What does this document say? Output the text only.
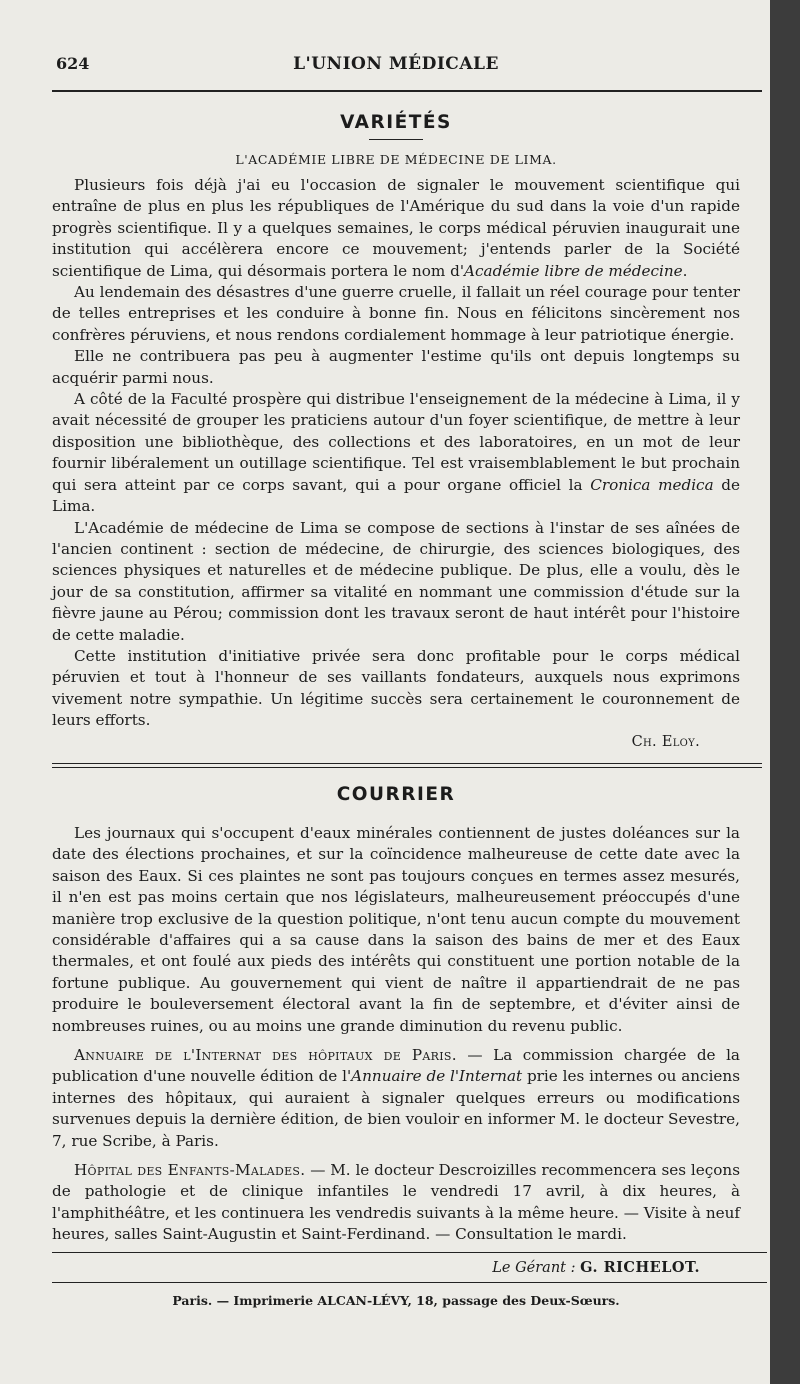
624	L'UNION MÉDICALE
VARIÉTÉS
L'ACADÉMIE LIBRE DE MÉDECINE DE LIMA.

Plusieurs fois déjà j'ai eu l'occasion de signaler le mouvement scientifique qui entraîne de plus en plus les républiques de l'Amérique du sud dans la voie d'un rapide progrès scientifique. Il y a quelques semaines, le corps médical péruvien inaugurait une institution qui accélèrera encore ce mouvement; j'entends parler de la Société scientifique de Lima, qui désormais portera le nom d'Académie libre de médecine.

Au lendemain des désastres d'une guerre cruelle, il fallait un réel courage pour tenter de telles entreprises et les conduire à bonne fin. Nous en félicitons sincèrement nos confrères péruviens, et nous rendons cordialement hommage à leur patriotique énergie.

Elle ne contribuera pas peu à augmenter l'estime qu'ils ont depuis longtemps su acquérir parmi nous.

A côté de la Faculté prospère qui distribue l'enseignement de la médecine à Lima, il y avait nécessité de grouper les praticiens autour d'un foyer scientifique, de mettre à leur disposition une bibliothèque, des collections et des laboratoires, en un mot de leur fournir libéralement un outillage scientifique. Tel est vraisemblablement le but prochain qui sera atteint par ce corps savant, qui a pour organe officiel la Cronica medica de Lima.

L'Académie de médecine de Lima se compose de sections à l'instar de ses aînées de l'ancien continent : section de médecine, de chirurgie, des sciences biologiques, des sciences physiques et naturelles et de médecine publique. De plus, elle a voulu, dès le jour de sa constitution, affirmer sa vitalité en nommant une commission d'étude sur la fièvre jaune au Pérou; commission dont les travaux seront de haut intérêt pour l'histoire de cette maladie.

Cette institution d'initiative privée sera donc profitable pour le corps médical péruvien et tout à l'honneur de ses vaillants fondateurs, auxquels nous exprimons vivement notre sympathie. Un légitime succès sera certainement le couronnement de leurs efforts.

Ch. Eloy.

COURRIER

Les journaux qui s'occupent d'eaux minérales contiennent de justes doléances sur la date des élections prochaines, et sur la coïncidence malheureuse de cette date avec la saison des Eaux. Si ces plaintes ne sont pas toujours conçues en termes assez mesurés, il n'en est pas moins certain que nos législateurs, malheureusement préoccupés d'une manière trop exclusive de la question politique, n'ont tenu aucun compte du mouvement considérable d'affaires qui a sa cause dans la saison des bains de mer et des Eaux thermales, et ont foulé aux pieds des intérêts qui constituent une portion notable de la fortune publique. Au gouvernement qui vient de naître il appartiendrait de ne pas produire le bouleversement électoral avant la fin de septembre, et d'éviter ainsi de nombreuses ruines, ou au moins une grande diminution du revenu public.

Annuaire de l'Internat des hôpitaux de Paris. — La commission chargée de la publication d'une nouvelle édition de l'Annuaire de l'Internat prie les internes ou anciens internes des hôpitaux, qui auraient à signaler quelques erreurs ou modifications survenues depuis la dernière édition, de bien vouloir en informer M. le docteur Sevestre, 7, rue Scribe, à Paris.

Hôpital des Enfants-Malades. — M. le docteur Descroizilles recommencera ses leçons de pathologie et de clinique infantiles le vendredi 17 avril, à dix heures, à l'amphithéâtre, et les continuera les vendredis suivants à la même heure. — Visite à neuf heures, salles Saint-Augustin et Saint-Ferdinand. — Consultation le mardi.

Le Gérant : G. RICHELOT.

Paris. — Imprimerie ALCAN-LÉVY, 18, passage des Deux-Sœurs.
